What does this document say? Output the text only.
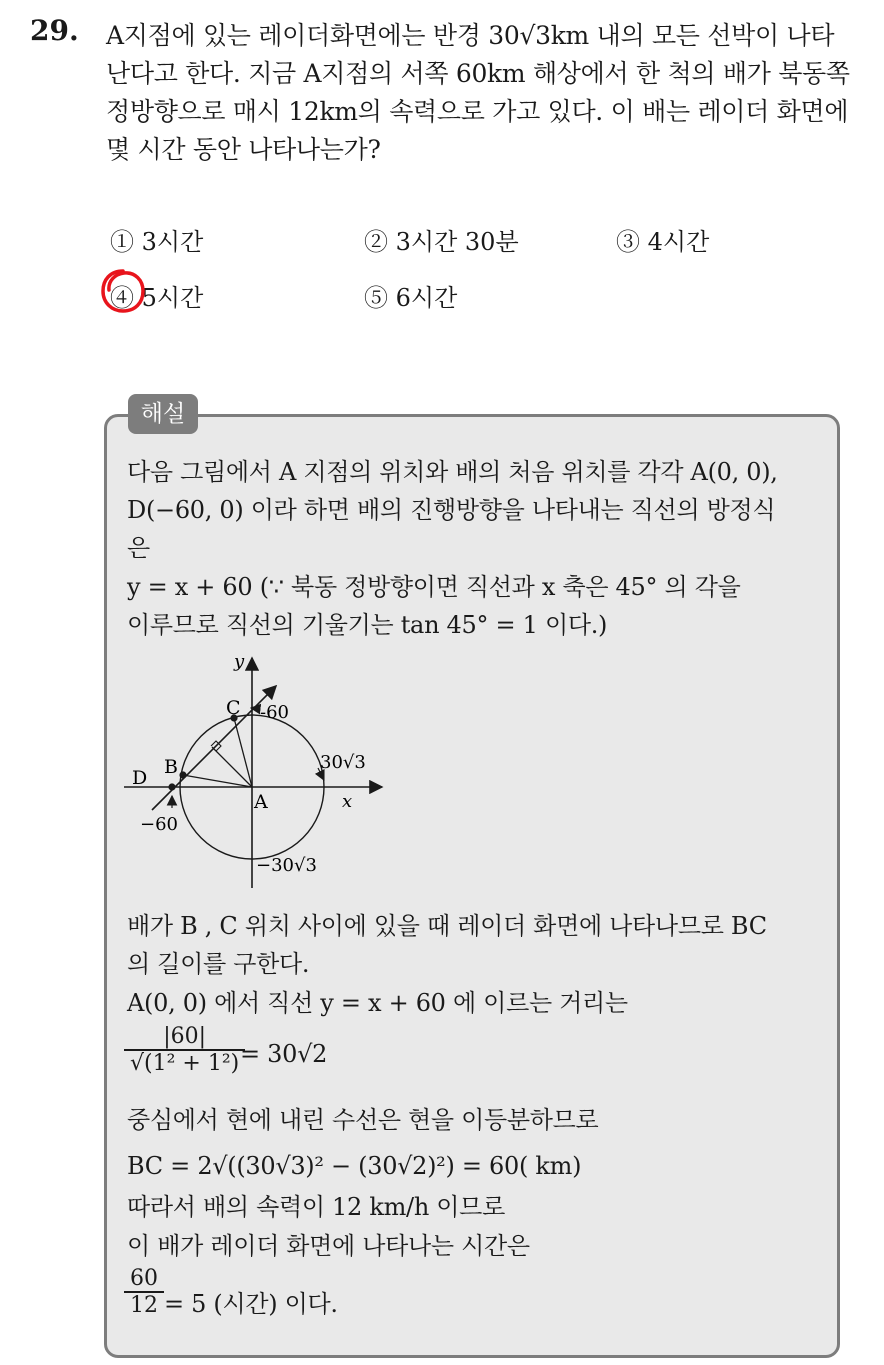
29. A지점에 있는 레이더화면에는 반경 30√3km 내의 모든 선박이 나타
난다고 한다. 지금 A지점의 서쪽 60km 해상에서 한 척의 배가 북동쪽
정방향으로 매시 12km의 속력으로 가고 있다. 이 배는 레이더 화면에
몇 시간 동안 나타나는가?
① 3시간	② 3시간 30분	③ 4시간
④ 5시간	⑤ 6시간
해설
다음 그림에서 A 지점의 위치와 배의 처음 위치를 각각 A(0, 0),
D(−60, 0) 이라 하면 배의 진행방향을 나타내는 직선의 방정식
은
y = x + 60 (∵ 북동 정방향이면 직선과 x 축은 45° 의 각을
이루므로 직선의 기울기는 tan 45° = 1 이다.)
y
x
A
B
C
D
-60
30√3
−60
−30√3
배가 B , C 위치 사이에 있을 때 레이더 화면에 나타나므로 BC
의 길이를 구한다.
A(0, 0) 에서 직선 y = x + 60 에 이르는 거리는
|60|
√(1² + 1²) = 30√2
중심에서 현에 내린 수선은 현을 이등분하므로
BC = 2√((30√3)² − (30√2)²) = 60( km)
따라서 배의 속력이 12 km/h 이므로
이 배가 레이더 화면에 나타나는 시간은
60
12 = 5 (시간) 이다.
